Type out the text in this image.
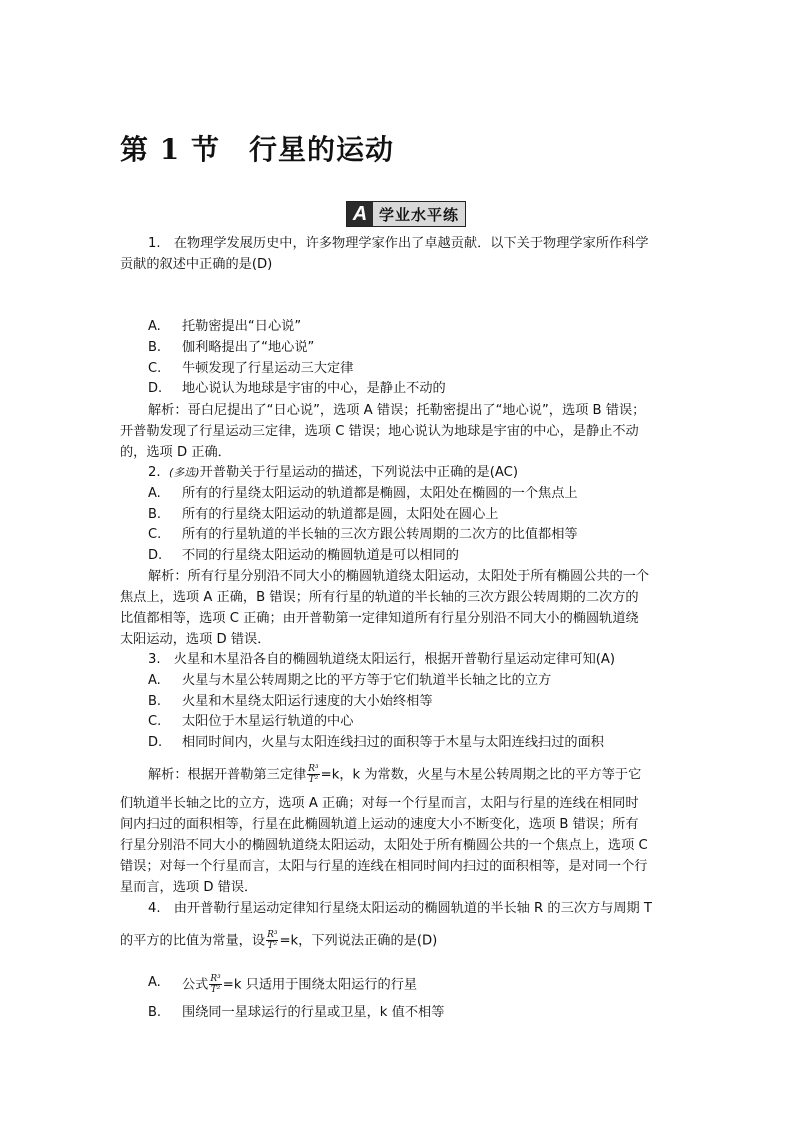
第 1 节　行星的运动
A 学业水平练
1.　在物理学发展历史中，许多物理学家作出了卓越贡献．以下关于物理学家所作科学
贡献的叙述中正确的是(D)
A. 托勒密提出“日心说”
B. 伽利略提出了“地心说”
C. 牛顿发现了行星运动三大定律
D. 地心说认为地球是宇宙的中心，是静止不动的
解析：哥白尼提出了“日心说”，选项 A 错误；托勒密提出了“地心说”，选项 B 错误；
开普勒发现了行星运动三定律，选项 C 错误；地心说认为地球是宇宙的中心，是静止不动
的，选项 D 正确．
2. (多选)开普勒关于行星运动的描述，下列说法中正确的是(AC)
A. 所有的行星绕太阳运动的轨道都是椭圆，太阳处在椭圆的一个焦点上
B. 所有的行星绕太阳运动的轨道都是圆，太阳处在圆心上
C. 所有的行星轨道的半长轴的三次方跟公转周期的二次方的比值都相等
D. 不同的行星绕太阳运动的椭圆轨道是可以相同的
解析：所有行星分别沿不同大小的椭圆轨道绕太阳运动，太阳处于所有椭圆公共的一个
焦点上，选项 A 正确，B 错误；所有行星的轨道的半长轴的三次方跟公转周期的二次方的
比值都相等，选项 C 正确；由开普勒第一定律知道所有行星分别沿不同大小的椭圆轨道绕
太阳运动，选项 D 错误．
3.　火星和木星沿各自的椭圆轨道绕太阳运行，根据开普勒行星运动定律可知(A)
A. 火星与木星公转周期之比的平方等于它们轨道半长轴之比的立方
B. 火星和木星绕太阳运行速度的大小始终相等
C. 太阳位于木星运行轨道的中心
D. 相同时间内，火星与太阳连线扫过的面积等于木星与太阳连线扫过的面积
解析：根据开普勒第三定律 $\frac{\text{R³}}{\text{T²}} =k$，k 为常数，火星与木星公转周期之比的平方等于它
们轨道半长轴之比的立方，选项 A 正确；对每一个行星而言，太阳与行星的连线在相同时
间内扫过的面积相等，行星在此椭圆轨道上运动的速度大小不断变化，选项 B 错误；所有
行星分别沿不同大小的椭圆轨道绕太阳运动，太阳处于所有椭圆公共的一个焦点上，选项 C
错误；对每一个行星而言，太阳与行星的连线在相同时间内扫过的面积相等，是对同一个行
星而言，选项 D 错误．
4.　由开普勒行星运动定律知行星绕太阳运动的椭圆轨道的半长轴 R 的三次方与周期 T
的平方的比值为常量，设 $\frac{\text{R³}}{\text{T²}} =k$，下列说法正确的是(D)
A. 公式 $\frac{\text{R³}}{\text{T²}} =k$ 只适用于围绕太阳运行的行星
B. 围绕同一星球运行的行星或卫星，k 值不相等
